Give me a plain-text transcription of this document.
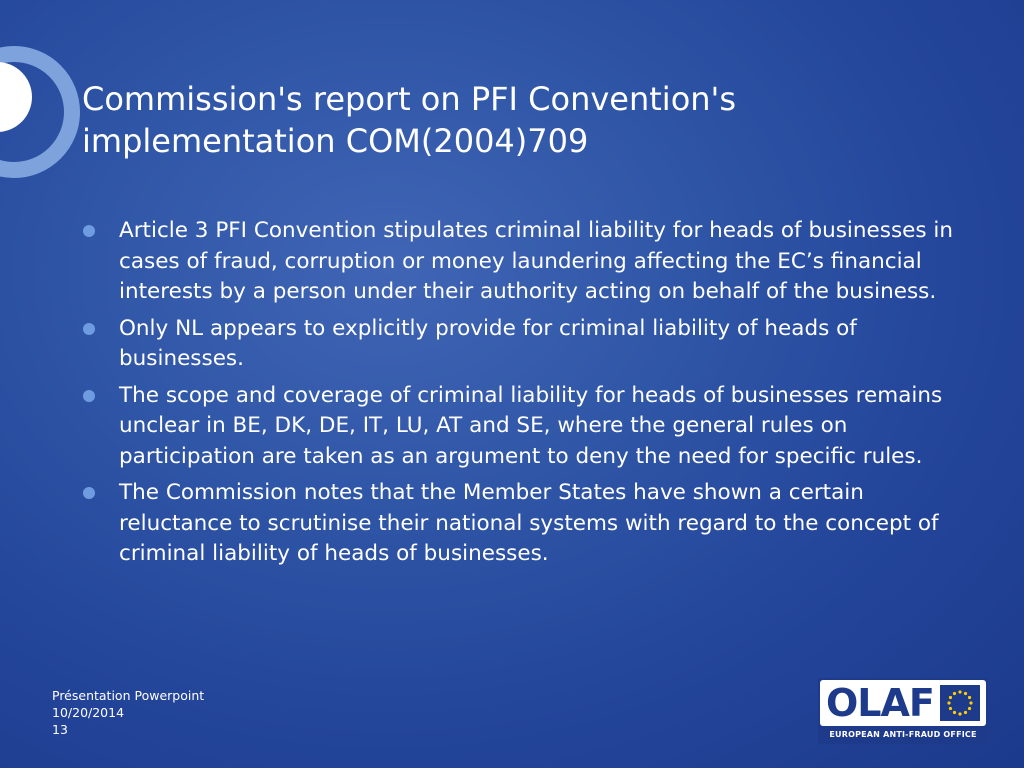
Commission's report on PFI Convention's implementation COM(2004)709
Article 3 PFI Convention stipulates criminal liability for heads of businesses in cases of fraud, corruption or money laundering affecting the EC’s financial interests by a person under their authority acting on behalf of the business.
Only NL appears to explicitly provide for criminal liability of heads of businesses.
The scope and coverage of criminal liability for heads of businesses remains unclear in BE, DK, DE, IT, LU, AT and SE, where the general rules on participation are taken as an argument to deny the need for specific rules.
The Commission notes that the Member States have shown a certain reluctance to scrutinise their national systems with regard to the concept of criminal liability of heads of businesses.
Présentation Powerpoint
10/20/2014
13
OLAF
EUROPEAN ANTI-FRAUD OFFICE
